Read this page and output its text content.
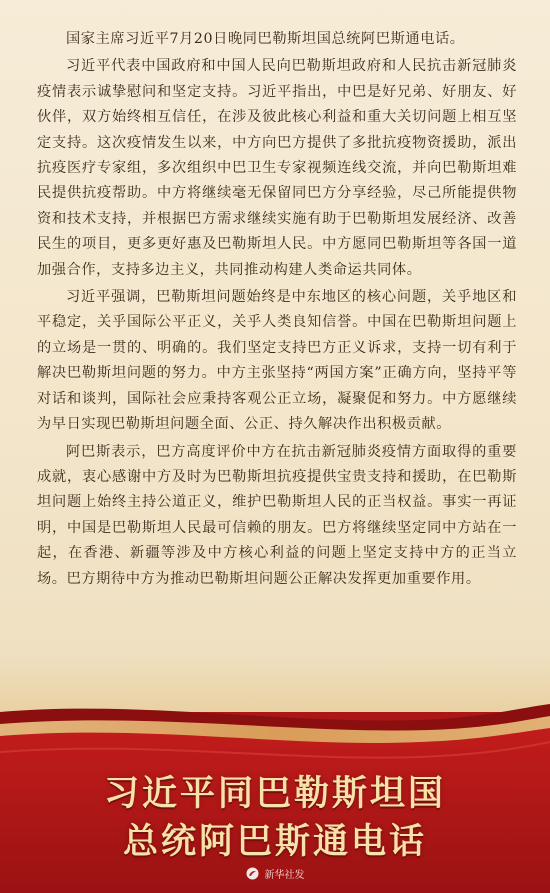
国家主席习近平7月20日晚同巴勒斯坦国总统阿巴斯通电话。

习近平代表中国政府和中国人民向巴勒斯坦政府和人民抗击新冠肺炎疫情表示诚挚慰问和坚定支持。习近平指出，中巴是好兄弟、好朋友、好伙伴，双方始终相互信任，在涉及彼此核心利益和重大关切问题上相互坚定支持。这次疫情发生以来，中方向巴方提供了多批抗疫物资援助，派出抗疫医疗专家组，多次组织中巴卫生专家视频连线交流，并向巴勒斯坦难民提供抗疫帮助。中方将继续毫无保留同巴方分享经验，尽己所能提供物资和技术支持，并根据巴方需求继续实施有助于巴勒斯坦发展经济、改善民生的项目，更多更好惠及巴勒斯坦人民。中方愿同巴勒斯坦等各国一道加强合作，支持多边主义，共同推动构建人类命运共同体。

习近平强调，巴勒斯坦问题始终是中东地区的核心问题，关乎地区和平稳定，关乎国际公平正义，关乎人类良知信誉。中国在巴勒斯坦问题上的立场是一贯的、明确的。我们坚定支持巴方正义诉求，支持一切有利于解决巴勒斯坦问题的努力。中方主张坚持“两国方案”正确方向，坚持平等对话和谈判，国际社会应秉持客观公正立场，凝聚促和努力。中方愿继续为早日实现巴勒斯坦问题全面、公正、持久解决作出积极贡献。

阿巴斯表示，巴方高度评价中方在抗击新冠肺炎疫情方面取得的重要成就，衷心感谢中方及时为巴勒斯坦抗疫提供宝贵支持和援助，在巴勒斯坦问题上始终主持公道正义，维护巴勒斯坦人民的正当权益。事实一再证明，中国是巴勒斯坦人民最可信赖的朋友。巴方将继续坚定同中方站在一起，在香港、新疆等涉及中方核心利益的问题上坚定支持中方的正当立场。巴方期待中方为推动巴勒斯坦问题公正解决发挥更加重要作用。

习近平同巴勒斯坦国
总统阿巴斯通电话
新华社发
